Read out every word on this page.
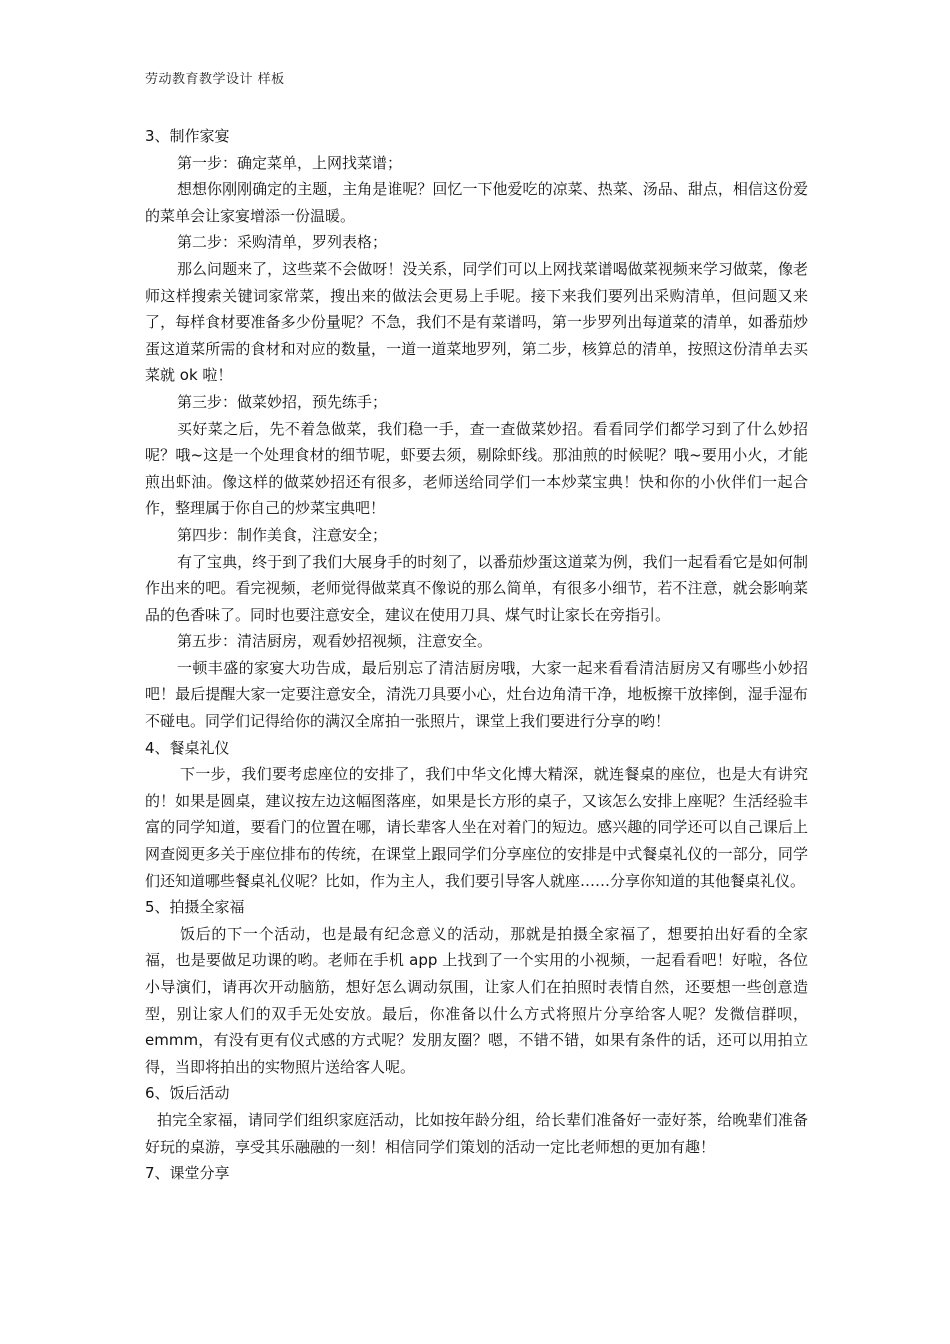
劳动教育教学设计 样板

3、制作家宴

第一步：确定菜单，上网找菜谱；

想想你刚刚确定的主题，主角是谁呢？回忆一下他爱吃的凉菜、热菜、汤品、甜点，相信这份爱的菜单会让家宴增添一份温暖。

第二步：采购清单，罗列表格；

那么问题来了，这些菜不会做呀！没关系，同学们可以上网找菜谱喝做菜视频来学习做菜，像老师这样搜索关键词家常菜，搜出来的做法会更易上手呢。接下来我们要列出采购清单，但问题又来了，每样食材要准备多少份量呢？不急，我们不是有菜谱吗，第一步罗列出每道菜的清单，如番茄炒蛋这道菜所需的食材和对应的数量，一道一道菜地罗列，第二步，核算总的清单，按照这份清单去买菜就 ok 啦！

第三步：做菜妙招，预先练手；

买好菜之后，先不着急做菜，我们稳一手，查一查做菜妙招。看看同学们都学习到了什么妙招呢？哦~这是一个处理食材的细节呢，虾要去须，剔除虾线。那油煎的时候呢？哦~要用小火，才能煎出虾油。像这样的做菜妙招还有很多，老师送给同学们一本炒菜宝典！快和你的小伙伴们一起合作，整理属于你自己的炒菜宝典吧！

第四步：制作美食，注意安全；

有了宝典，终于到了我们大展身手的时刻了，以番茄炒蛋这道菜为例，我们一起看看它是如何制作出来的吧。看完视频，老师觉得做菜真不像说的那么简单，有很多小细节，若不注意，就会影响菜品的色香味了。同时也要注意安全，建议在使用刀具、煤气时让家长在旁指引。

第五步：清洁厨房，观看妙招视频，注意安全。

一顿丰盛的家宴大功告成，最后别忘了清洁厨房哦，大家一起来看看清洁厨房又有哪些小妙招吧！最后提醒大家一定要注意安全，清洗刀具要小心，灶台边角清干净，地板擦干放摔倒，湿手湿布不碰电。同学们记得给你的满汉全席拍一张照片，课堂上我们要进行分享的哟！

4、餐桌礼仪

下一步，我们要考虑座位的安排了，我们中华文化博大精深，就连餐桌的座位，也是大有讲究的！如果是圆桌，建议按左边这幅图落座，如果是长方形的桌子，又该怎么安排上座呢？生活经验丰富的同学知道，要看门的位置在哪，请长辈客人坐在对着门的短边。感兴趣的同学还可以自己课后上网查阅更多关于座位排布的传统，在课堂上跟同学们分享座位的安排是中式餐桌礼仪的一部分，同学们还知道哪些餐桌礼仪呢？比如，作为主人，我们要引导客人就座……分享你知道的其他餐桌礼仪。

5、拍摄全家福

饭后的下一个活动，也是最有纪念意义的活动，那就是拍摄全家福了，想要拍出好看的全家福，也是要做足功课的哟。老师在手机 app 上找到了一个实用的小视频，一起看看吧！好啦，各位小导演们，请再次开动脑筋，想好怎么调动氛围，让家人们在拍照时表情自然，还要想一些创意造型，别让家人们的双手无处安放。最后，你准备以什么方式将照片分享给客人呢？发微信群呗，emmm，有没有更有仪式感的方式呢？发朋友圈？嗯，不错不错，如果有条件的话，还可以用拍立得，当即将拍出的实物照片送给客人呢。

6、饭后活动

拍完全家福，请同学们组织家庭活动，比如按年龄分组，给长辈们准备好一壶好茶，给晚辈们准备好玩的桌游，享受其乐融融的一刻！相信同学们策划的活动一定比老师想的更加有趣！

7、课堂分享
